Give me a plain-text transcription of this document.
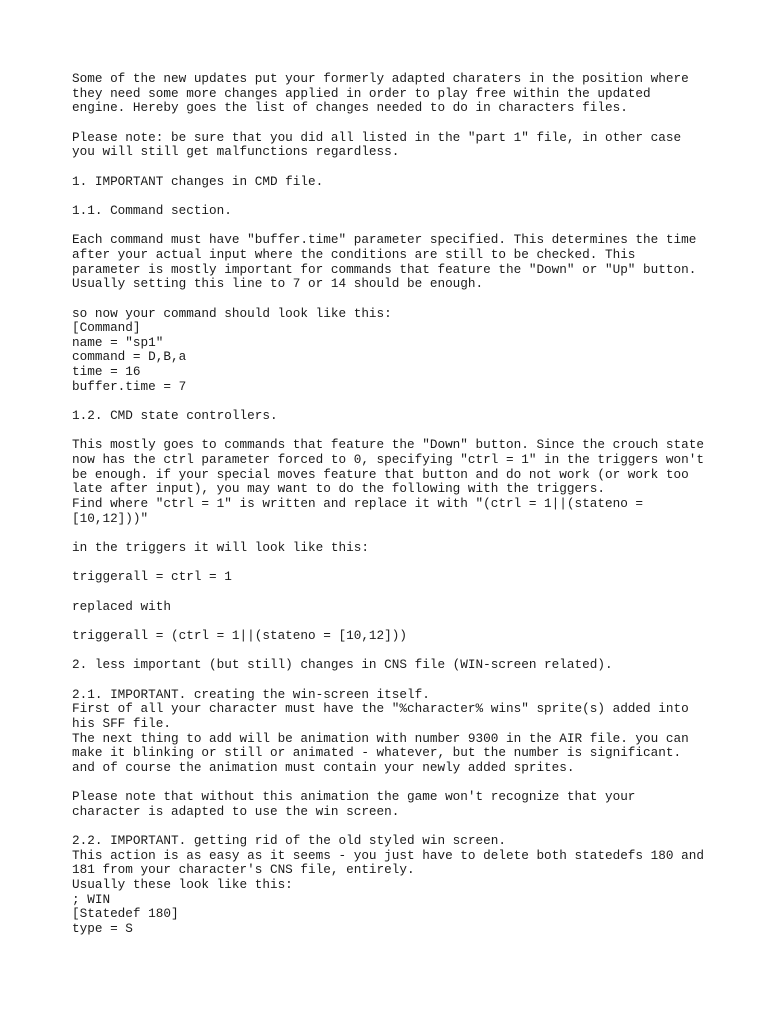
Some of the new updates put your formerly adapted charaters in the position where
they need some more changes applied in order to play free within the updated
engine. Hereby goes the list of changes needed to do in characters files.
Please note: be sure that you did all listed in the "part 1" file, in other case
you will still get malfunctions regardless.
1. IMPORTANT changes in CMD file.
1.1. Command section.
Each command must have "buffer.time" parameter specified. This determines the time
after your actual input where the conditions are still to be checked. This
parameter is mostly important for commands that feature the "Down" or "Up" button.
Usually setting this line to 7 or 14 should be enough.
so now your command should look like this:
[Command]
name = "sp1"
command = D,B,a
time = 16
buffer.time = 7
1.2. CMD state controllers.
This mostly goes to commands that feature the "Down" button. Since the crouch state
now has the ctrl parameter forced to 0, specifying "ctrl = 1" in the triggers won't
be enough. if your special moves feature that button and do not work (or work too
late after input), you may want to do the following with the triggers.
Find where "ctrl = 1" is written and replace it with "(ctrl = 1||(stateno =
[10,12]))"
in the triggers it will look like this:
triggerall = ctrl = 1
replaced with
triggerall = (ctrl = 1||(stateno = [10,12]))
2. less important (but still) changes in CNS file (WIN-screen related).
2.1. IMPORTANT. creating the win-screen itself.
First of all your character must have the "%character% wins" sprite(s) added into
his SFF file.
The next thing to add will be animation with number 9300 in the AIR file. you can
make it blinking or still or animated - whatever, but the number is significant.
and of course the animation must contain your newly added sprites.
Please note that without this animation the game won't recognize that your
character is adapted to use the win screen.
2.2. IMPORTANT. getting rid of the old styled win screen.
This action is as easy as it seems - you just have to delete both statedefs 180 and
181 from your character's CNS file, entirely.
Usually these look like this:
; WIN
[Statedef 180]
type = S
